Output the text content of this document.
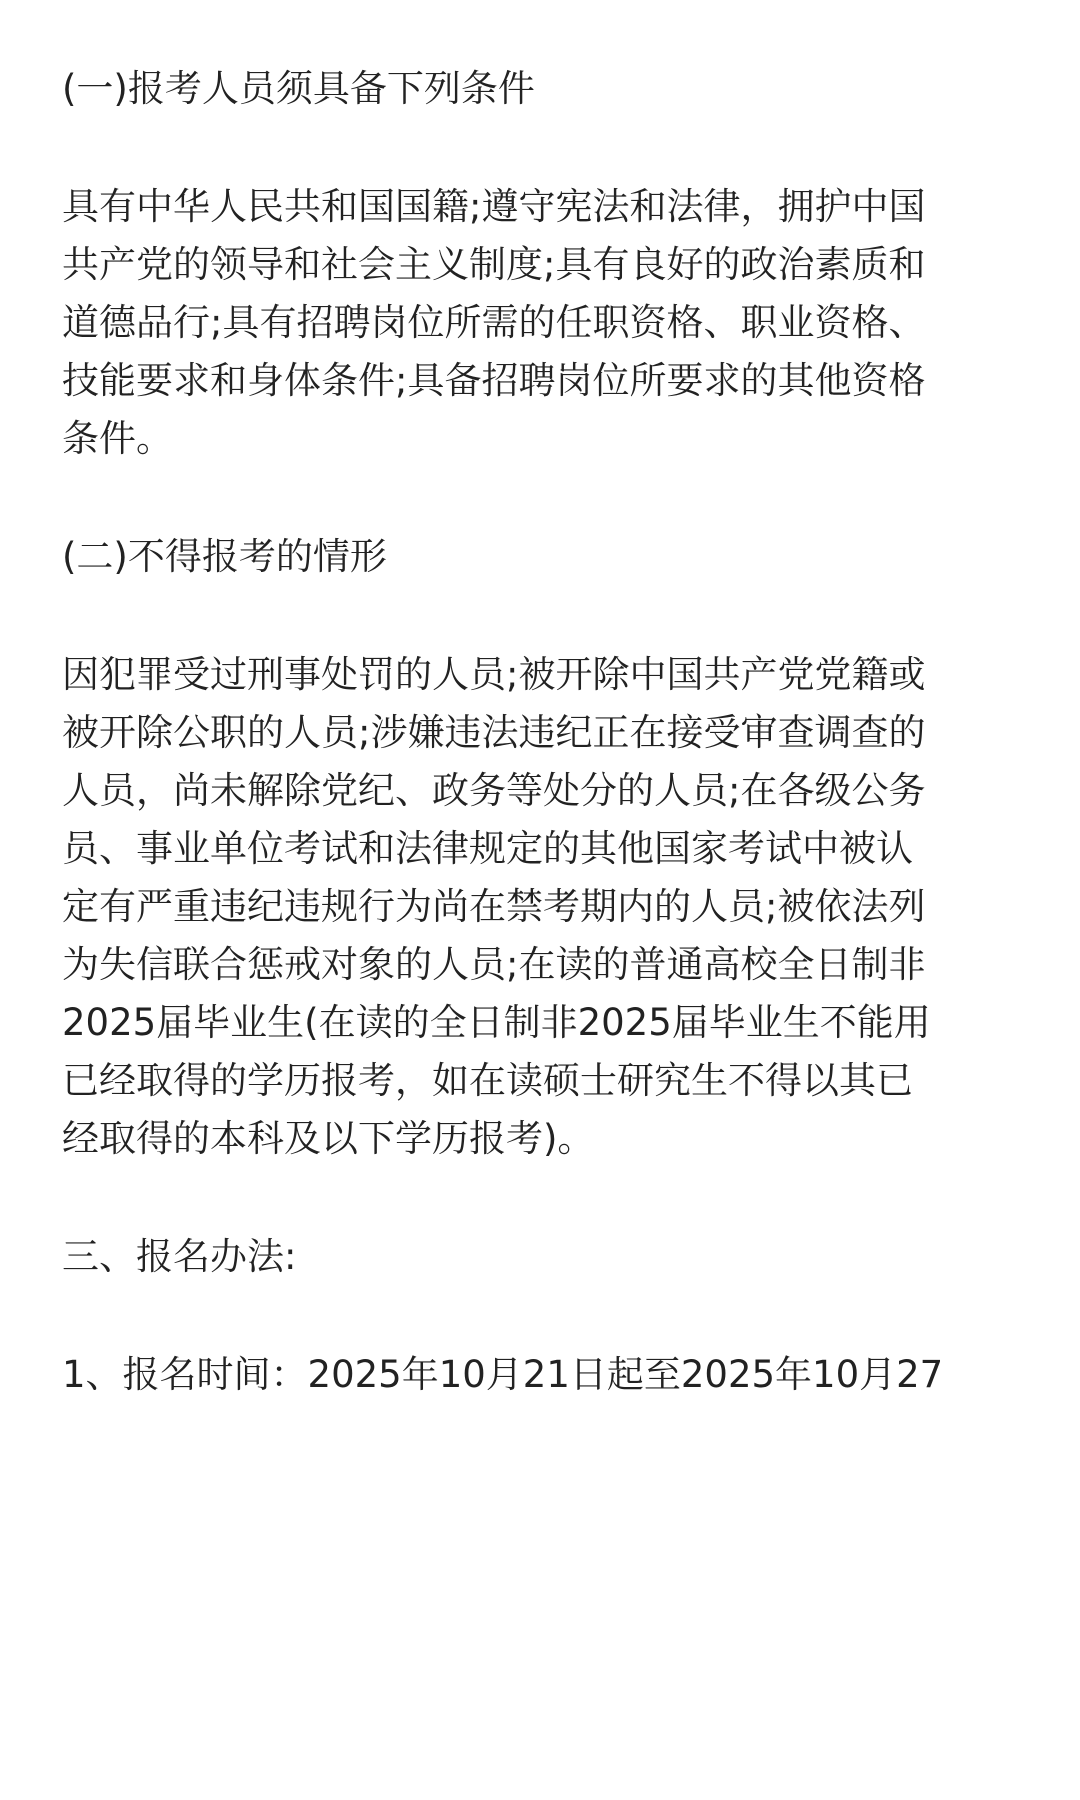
(一)报考人员须具备下列条件
具有中华人民共和国国籍;遵守宪法和法律，拥护中国
共产党的领导和社会主义制度;具有良好的政治素质和
道德品行;具有招聘岗位所需的任职资格、职业资格、
技能要求和身体条件;具备招聘岗位所要求的其他资格
条件。
(二)不得报考的情形
因犯罪受过刑事处罚的人员;被开除中国共产党党籍或
被开除公职的人员;涉嫌违法违纪正在接受审查调查的
人员，尚未解除党纪、政务等处分的人员;在各级公务
员、事业单位考试和法律规定的其他国家考试中被认
定有严重违纪违规行为尚在禁考期内的人员;被依法列
为失信联合惩戒对象的人员;在读的普通高校全日制非
2025届毕业生(在读的全日制非2025届毕业生不能用
已经取得的学历报考，如在读硕士研究生不得以其已
经取得的本科及以下学历报考)。
三、报名办法:
1、报名时间：2025年10月21日起至2025年10月27
